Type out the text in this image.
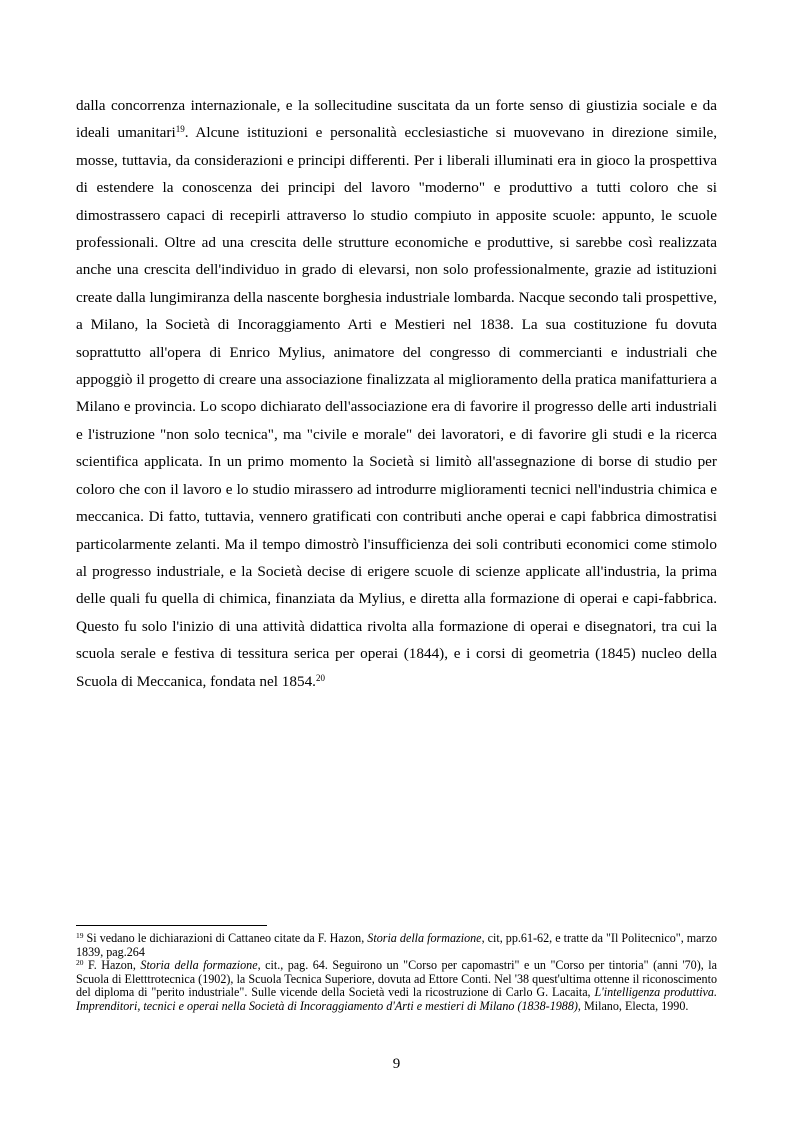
dalla concorrenza internazionale, e la sollecitudine suscitata da un forte senso di giustizia sociale e da ideali umanitari$^{19}$. Alcune istituzioni e personalità ecclesiastiche si muovevano in direzione simile, mosse, tuttavia, da considerazioni e principi differenti. Per i liberali illuminati era in gioco la prospettiva di estendere la conoscenza dei principi del lavoro "moderno" e produttivo a tutti coloro che si dimostrassero capaci di recepirli attraverso lo studio compiuto in apposite scuole: appunto, le scuole professionali. Oltre ad una crescita delle strutture economiche e produttive, si sarebbe così realizzata anche una crescita dell'individuo in grado di elevarsi, non solo professionalmente, grazie ad istituzioni create dalla lungimiranza della nascente borghesia industriale lombarda. Nacque secondo tali prospettive, a Milano, la Società di Incoraggiamento Arti e Mestieri nel 1838. La sua costituzione fu dovuta soprattutto all'opera di Enrico Mylius, animatore del congresso di commercianti e industriali che appoggiò il progetto di creare una associazione finalizzata al miglioramento della pratica manifatturiera a Milano e provincia. Lo scopo dichiarato dell'associazione era di favorire il progresso delle arti industriali e l'istruzione "non solo tecnica", ma "civile e morale" dei lavoratori, e di favorire gli studi e la ricerca scientifica applicata. In un primo momento la Società si limitò all'assegnazione di borse di studio per coloro che con il lavoro e lo studio mirassero ad introdurre miglioramenti tecnici nell'industria chimica e meccanica. Di fatto, tuttavia, vennero gratificati con contributi anche operai e capi fabbrica dimostratisi particolarmente zelanti. Ma il tempo dimostrò l'insufficienza dei soli contributi economici come stimolo al progresso industriale, e la Società decise di erigere scuole di scienze applicate all'industria, la prima delle quali fu quella di chimica, finanziata da Mylius, e diretta alla formazione di operai e capi-fabbrica. Questo fu solo l'inizio di una attività didattica rivolta alla formazione di operai e disegnatori, tra cui la scuola serale e festiva di tessitura serica per operai (1844), e i corsi di geometria (1845) nucleo della Scuola di Meccanica, fondata nel 1854.20

$^{19}$ Si vedano le dichiarazioni di Cattaneo citate da F. Hazon, Storia della formazione, cit, pp.61-62, e tratte da "Il Politecnico", marzo 1839, pag.264

$^{20}$ F. Hazon, Storia della formazione, cit., pag. 64. Seguirono un "Corso per capomastri" e un "Corso per tintoria" (anni '70), la Scuola di Eletttrotecnica (1902), la Scuola Tecnica Superiore, dovuta ad Ettore Conti. Nel '38 quest'ultima ottenne il riconoscimento del diploma di "perito industriale". Sulle vicende della Società vedi la ricostruzione di Carlo G. Lacaita, L'intelligenza produttiva. Imprenditori, tecnici e operai nella Società di Incoraggiamento d'Arti e mestieri di Milano (1838-1988), Milano, Electa, 1990.

9
